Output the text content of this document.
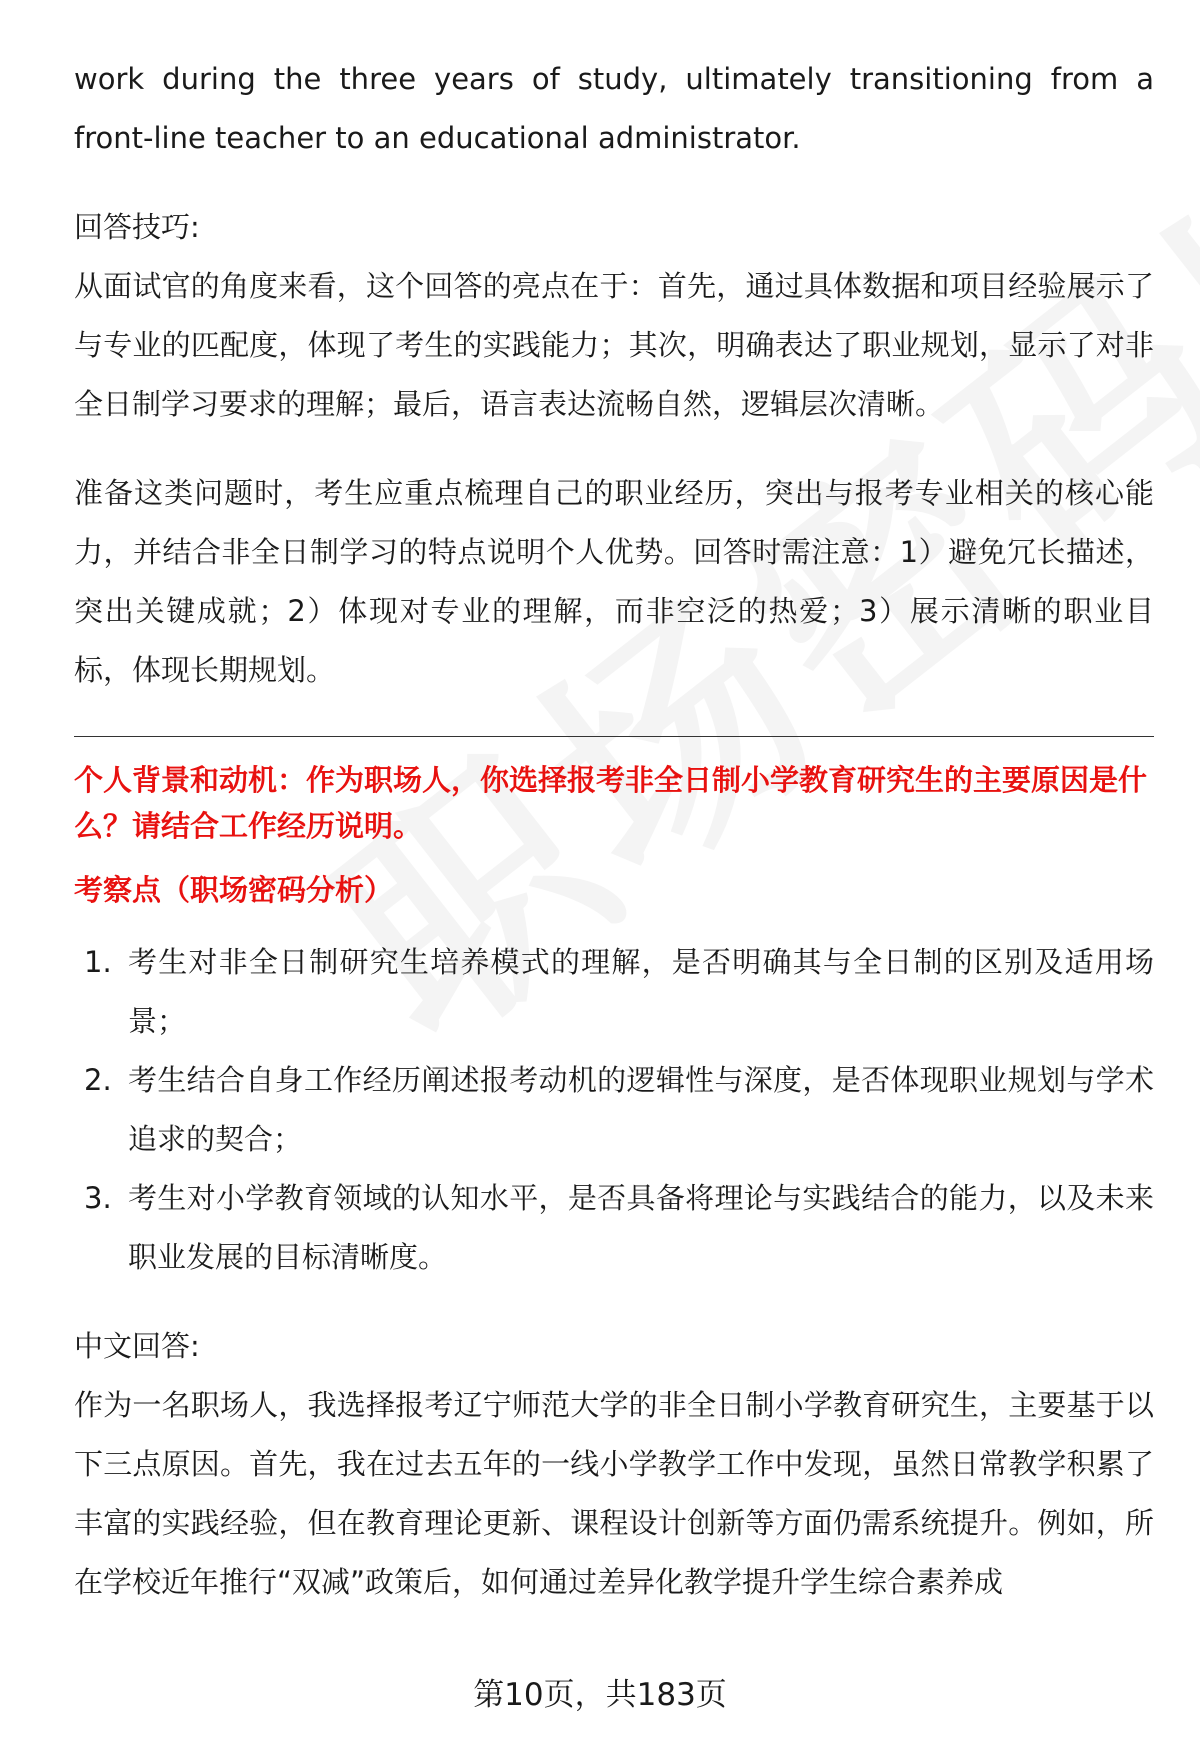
work during the three years of study, ultimately transitioning from a front-line teacher to an educational administrator.

回答技巧:

从面试官的角度来看，这个回答的亮点在于：首先，通过具体数据和项目经验展示了与专业的匹配度，体现了考生的实践能力；其次，明确表达了职业规划，显示了对非全日制学习要求的理解；最后，语言表达流畅自然，逻辑层次清晰。

准备这类问题时，考生应重点梳理自己的职业经历，突出与报考专业相关的核心能力，并结合非全日制学习的特点说明个人优势。回答时需注意：1）避免冗长描述，突出关键成就；2）体现对专业的理解，而非空泛的热爱；3）展示清晰的职业目标，体现长期规划。

个人背景和动机：作为职场人，你选择报考非全日制小学教育研究生的主要原因是什么？请结合工作经历说明。

考察点（职场密码分析）

1. 考生对非全日制研究生培养模式的理解，是否明确其与全日制的区别及适用场景；
2. 考生结合自身工作经历阐述报考动机的逻辑性与深度，是否体现职业规划与学术追求的契合；
3. 考生对小学教育领域的认知水平，是否具备将理论与实践结合的能力，以及未来职业发展的目标清晰度。

中文回答:

作为一名职场人，我选择报考辽宁师范大学的非全日制小学教育研究生，主要基于以下三点原因。首先，我在过去五年的一线小学教学工作中发现，虽然日常教学积累了丰富的实践经验，但在教育理论更新、课程设计创新等方面仍需系统提升。例如，所在学校近年推行“双减”政策后，如何通过差异化教学提升学生综合素养成

第10页，共183页
